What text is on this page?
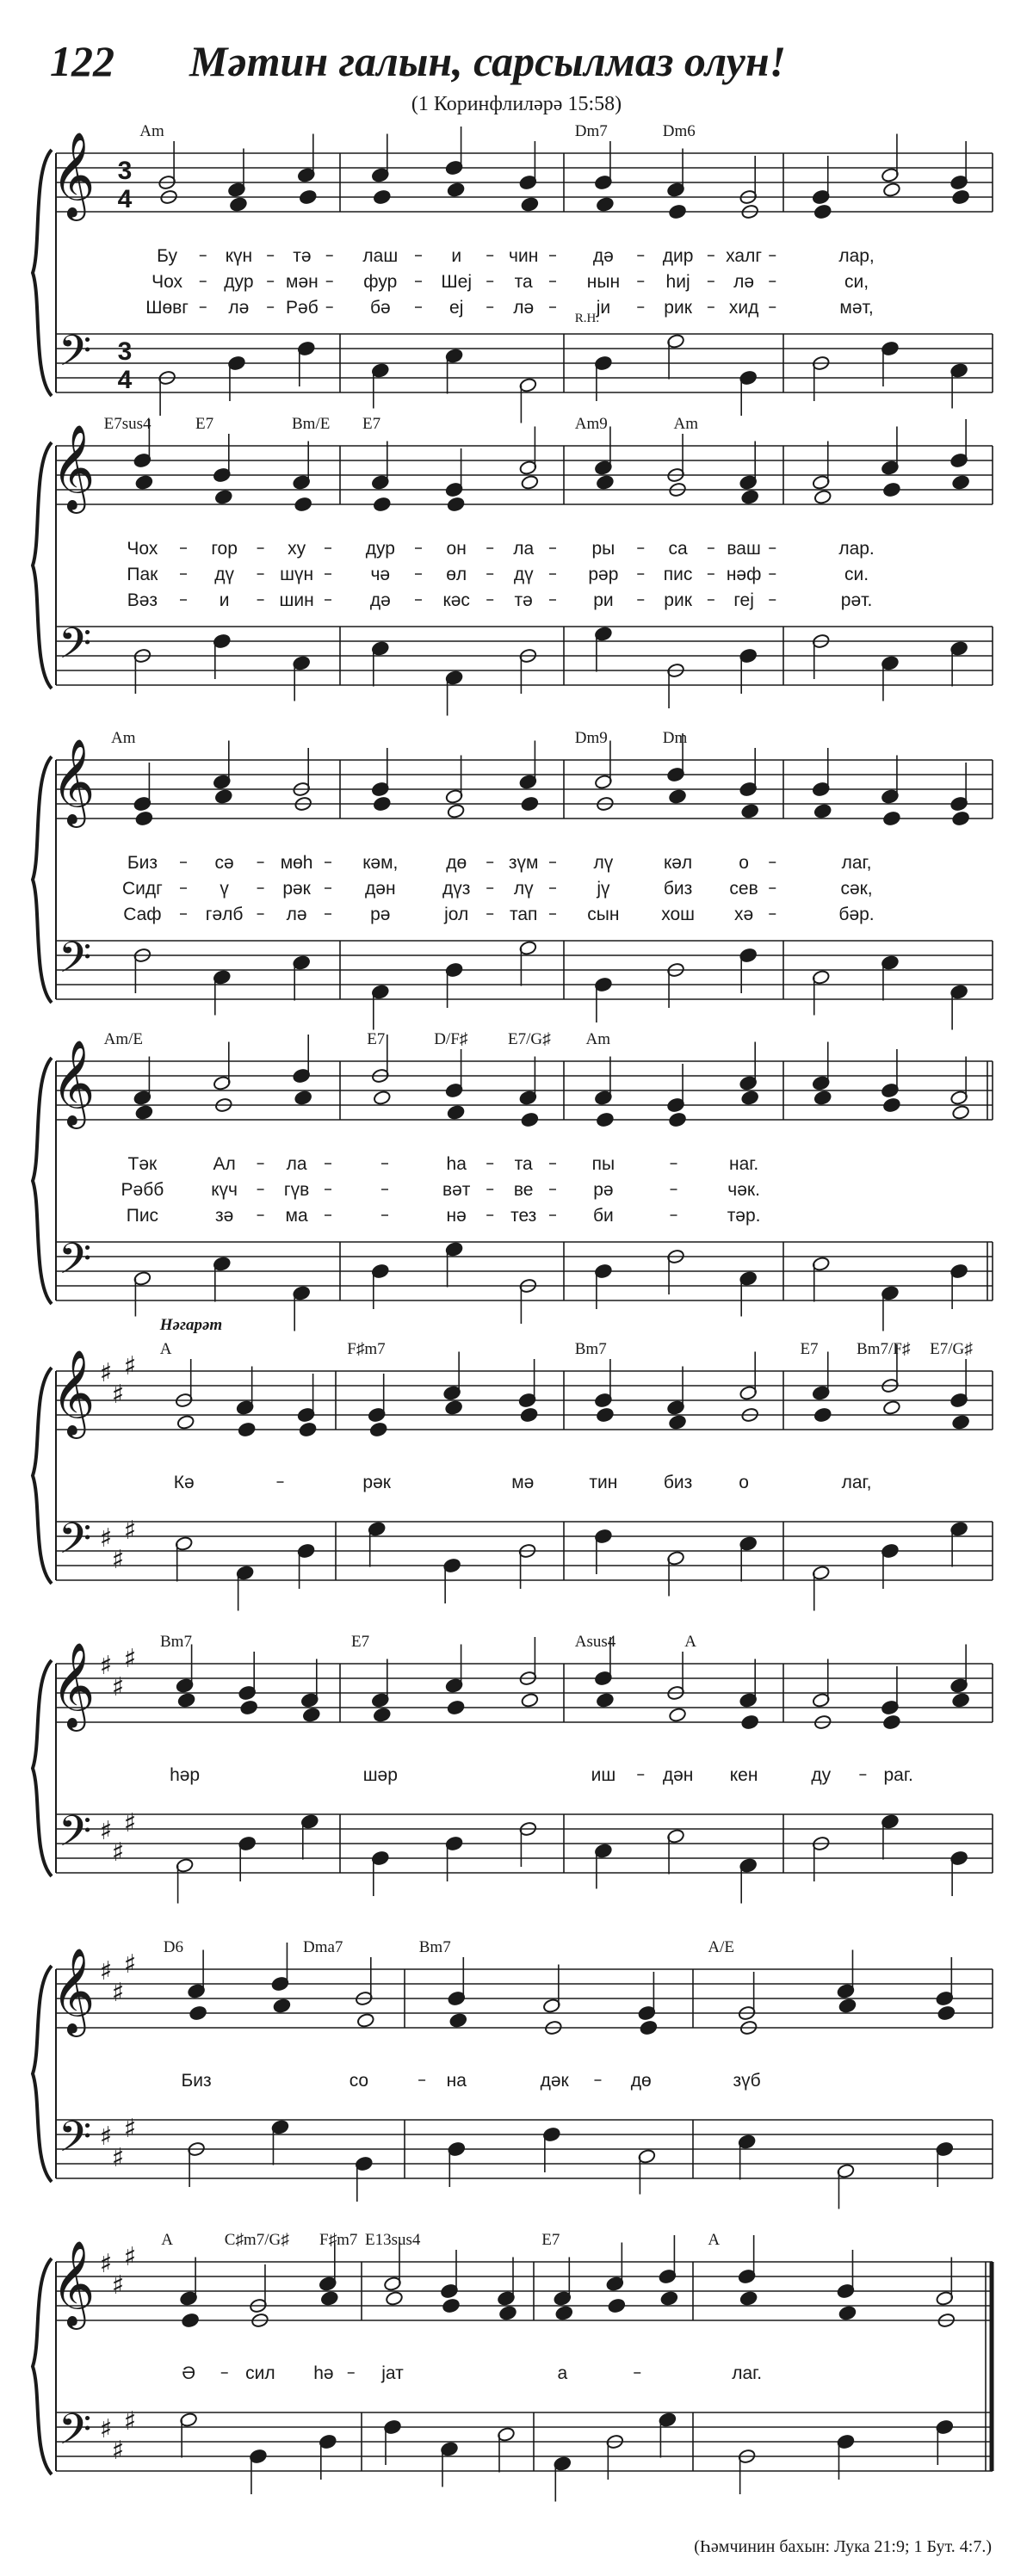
122 Мәтин галын, сарсылмаз олун!
(1 Коринфлиләрә 15:58)
𝄞
𝄢
3
4
3
4
Am	Dm7	Dm6
R.H.
Бу	күн тә	лаш	и	чин	дә	дир халг	лар,
Чох дур мән	фур Шеј та	нын	һиј лә	си,
Шөвг лә Рәб	бә	еј	лә	ји	рик хид	мәт,
𝄞
𝄢
E7sus4	E7	Bm/E E7	Am9	Am
Чох	гор	ху	дур	он	ла	ры	са ваш	лар.
Пак	дү	шүн	чә	өл	дү	рәр пис нәф	си.
Вәз	и	шин	дә	кәс тә	ри	рик геј	рәт.
𝄞
𝄢
Am	Dm9	Dm
Биз	сә	мөһ	кәм,	дө зүм	лү	кәл	о	лаг,
Сидг	ү	рәк	дән	дүз лү	јү	биз сев	сәк,
Саф гәлб лә	рә	јол тап	сын хош хә	бәр.
𝄞
𝄢
Am/E	E7	D/F♯ E7/G♯ Am
Тәк	Ал	ла	һа	та	пы	наг.
Рәбб	күч	гүв	вәт ве	рә	чәк.
Пис	зә	ма	нә тез	би	тәр.
𝄞
𝄢
♯
♯
♯
♯
♯
♯
A	F♯m7	Bm7	E7 Bm7/F♯ E7/G♯
Нәгарәт
Кә	рәк	мә	тин	биз	о	лаг,
𝄞
𝄢
♯
♯
♯
♯
♯
♯
Bm7	E7	Asus4	A
һәр	шәр	иш	дән кен	ду	раг.
𝄞
𝄢
♯
♯
♯
♯
♯
♯
D6	Dma7	Bm7	A/E
Биз	со	на	дәк	дө	зүб
𝄞
𝄢
♯
♯
♯
♯
♯
♯
A	C♯m7/G♯ F♯m7 E13sus4	E7	A
Ә	сил һә	јат	а	лаг.
(Һәмчинин бахын: Лука 21:9; 1 Бут. 4:7.)
